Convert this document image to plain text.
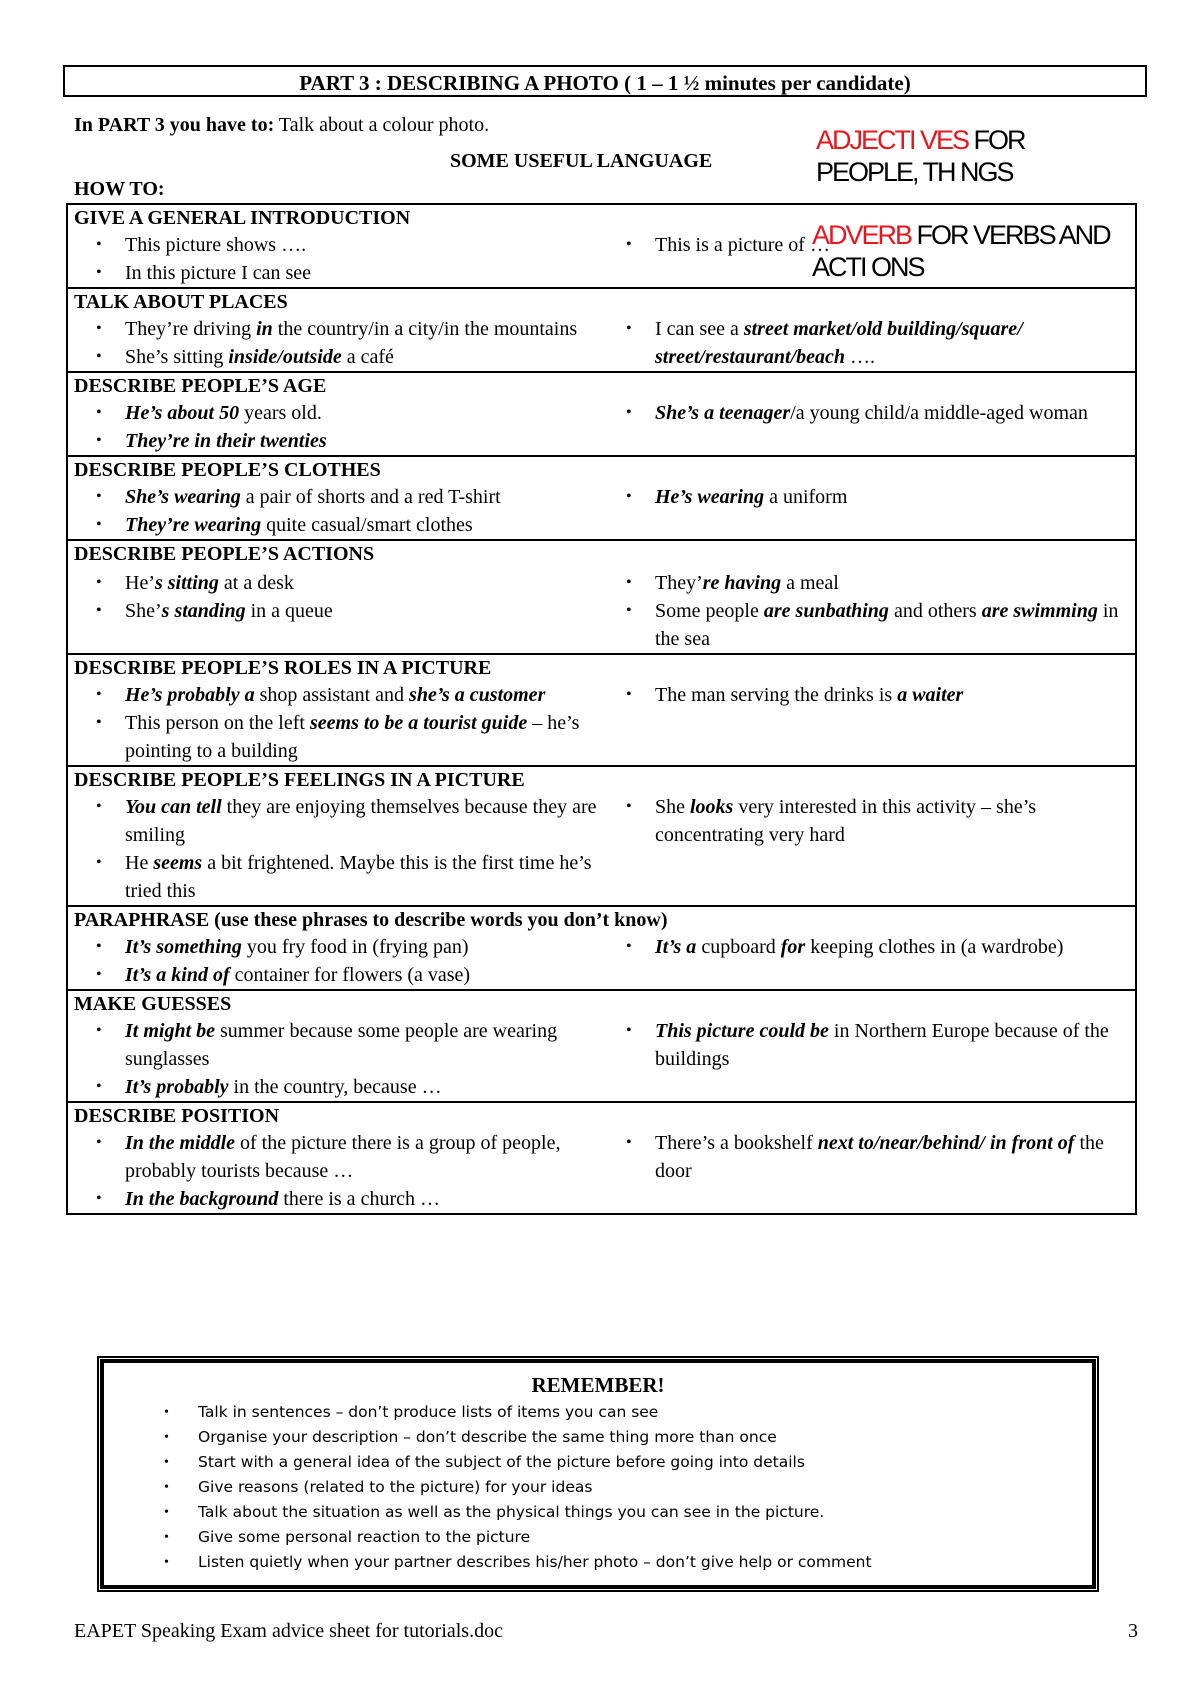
PART 3 : DESCRIBING A PHOTO ( 1 – 1 ½ minutes per candidate)
In PART 3 you have to: Talk about a colour photo.
SOME USEFUL LANGUAGE
HOW TO:
GIVE A GENERAL INTRODUCTION
• This picture shows ….
• In this picture I can see
• This is a picture of …
TALK ABOUT PLACES
• They’re driving in the country/in a city/in the mountains
• She’s sitting inside/outside a café
• I can see a street market/old building/square/ street/restaurant/beach ….
DESCRIBE PEOPLE’S AGE
• He’s about 50 years old.
• They’re in their twenties
• She’s a teenager/a young child/a middle-aged woman
DESCRIBE PEOPLE’S CLOTHES
• She’s wearing a pair of shorts and a red T-shirt
• They’re wearing quite casual/smart clothes
• He’s wearing a uniform
DESCRIBE PEOPLE’S ACTIONS
• He’s sitting at a desk
• She’s standing in a queue
• They’re having a meal
• Some people are sunbathing and others are swimming in the sea
DESCRIBE PEOPLE’S ROLES IN A PICTURE
• He’s probably a shop assistant and she’s a customer
• This person on the left seems to be a tourist guide – he’s pointing to a building
• The man serving the drinks is a waiter
DESCRIBE PEOPLE’S FEELINGS IN A PICTURE
• You can tell they are enjoying themselves because they are smiling
• He seems a bit frightened. Maybe this is the first time he’s tried this
• She looks very interested in this activity – she’s concentrating very hard
PARAPHRASE (use these phrases to describe words you don’t know)
• It’s something you fry food in (frying pan)
• It’s a kind of container for flowers (a vase)
• It’s a cupboard for keeping clothes in (a wardrobe)
MAKE GUESSES
• It might be summer because some people are wearing sunglasses
• It’s probably in the country, because …
• This picture could be in Northern Europe because of the buildings
DESCRIBE POSITION
• In the middle of the picture there is a group of people, probably tourists because …
• In the background there is a church …
• There’s a bookshelf next to/near/behind/ in front of the door
ADJECTI VES FOR
PEOPLE, TH NGS
ADVERB FOR VERBS AND
ACTI ONS
REMEMBER!
• Talk in sentences – don’t produce lists of items you can see
• Organise your description – don’t describe the same thing more than once
• Start with a general idea of the subject of the picture before going into details
• Give reasons (related to the picture) for your ideas
• Talk about the situation as well as the physical things you can see in the picture.
• Give some personal reaction to the picture
• Listen quietly when your partner describes his/her photo – don’t give help or comment
EAPET Speaking Exam advice sheet for tutorials.doc	3
